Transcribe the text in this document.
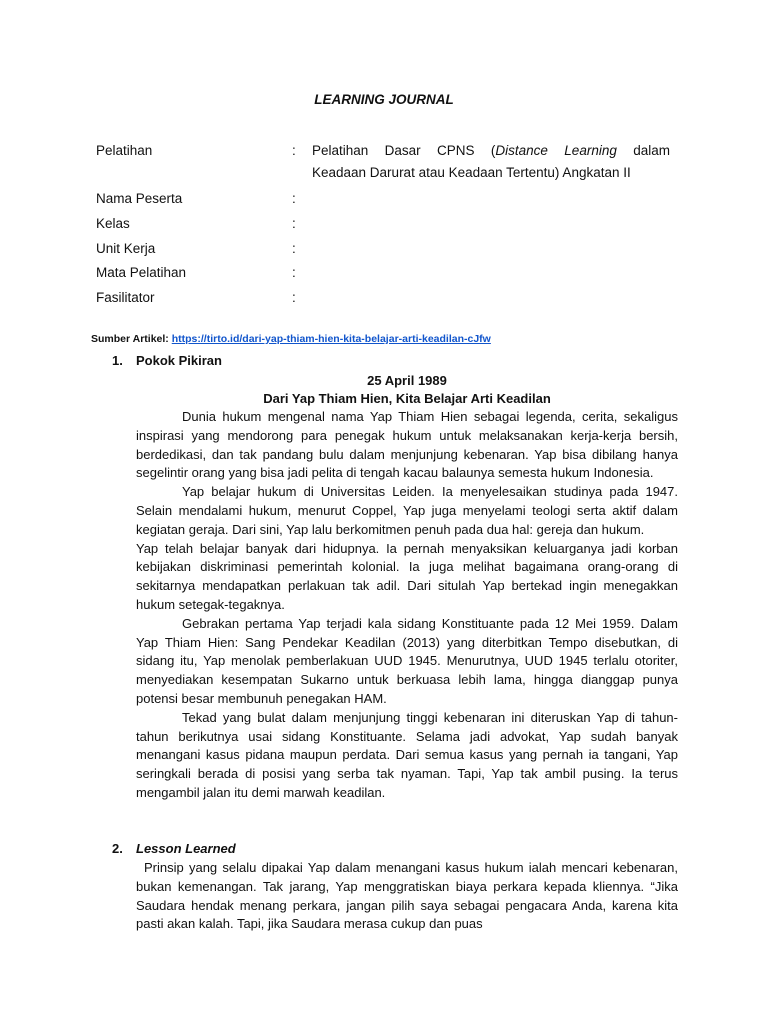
LEARNING JOURNAL
Pelatihan	: Pelatihan Dasar CPNS (Distance Learning dalam
Keadaan Darurat atau Keadaan Tertentu) Angkatan II
Nama Peserta	:
Kelas	:
Unit Kerja	:
Mata Pelatihan	:
Fasilitator	:
Sumber Artikel: https://tirto.id/dari-yap-thiam-hien-kita-belajar-arti-keadilan-cJfw
1. Pokok Pikiran
25 April 1989
Dari Yap Thiam Hien, Kita Belajar Arti Keadilan

Dunia hukum mengenal nama Yap Thiam Hien sebagai legenda, cerita, sekaligus inspirasi yang mendorong para penegak hukum untuk melaksanakan kerja-kerja bersih, berdedikasi, dan tak pandang bulu dalam menjunjung kebenaran. Yap bisa dibilang hanya segelintir orang yang bisa jadi pelita di tengah kacau balaunya semesta hukum Indonesia.

Yap belajar hukum di Universitas Leiden. Ia menyelesaikan studinya pada 1947. Selain mendalami hukum, menurut Coppel, Yap juga menyelami teologi serta aktif dalam kegiatan geraja. Dari sini, Yap lalu berkomitmen penuh pada dua hal: gereja dan hukum.

Yap telah belajar banyak dari hidupnya. Ia pernah menyaksikan keluarganya jadi korban kebijakan diskriminasi pemerintah kolonial. Ia juga melihat bagaimana orang-orang di sekitarnya mendapatkan perlakuan tak adil. Dari situlah Yap bertekad ingin menegakkan hukum setegak-tegaknya.

Gebrakan pertama Yap terjadi kala sidang Konstituante pada 12 Mei 1959. Dalam Yap Thiam Hien: Sang Pendekar Keadilan (2013) yang diterbitkan Tempo disebutkan, di sidang itu, Yap menolak pemberlakuan UUD 1945. Menurutnya, UUD 1945 terlalu otoriter, menyediakan kesempatan Sukarno untuk berkuasa lebih lama, hingga dianggap punya potensi besar membunuh penegakan HAM.

Tekad yang bulat dalam menjunjung tinggi kebenaran ini diteruskan Yap di tahun-tahun berikutnya usai sidang Konstituante. Selama jadi advokat, Yap sudah banyak menangani kasus pidana maupun perdata. Dari semua kasus yang pernah ia tangani, Yap seringkali berada di posisi yang serba tak nyaman. Tapi, Yap tak ambil pusing. Ia terus mengambil jalan itu demi marwah keadilan.

2. Lesson Learned

Prinsip yang selalu dipakai Yap dalam menangani kasus hukum ialah mencari kebenaran, bukan kemenangan. Tak jarang, Yap menggratiskan biaya perkara kepada kliennya. “Jika Saudara hendak menang perkara, jangan pilih saya sebagai pengacara Anda, karena kita pasti akan kalah. Tapi, jika Saudara merasa cukup dan puas
